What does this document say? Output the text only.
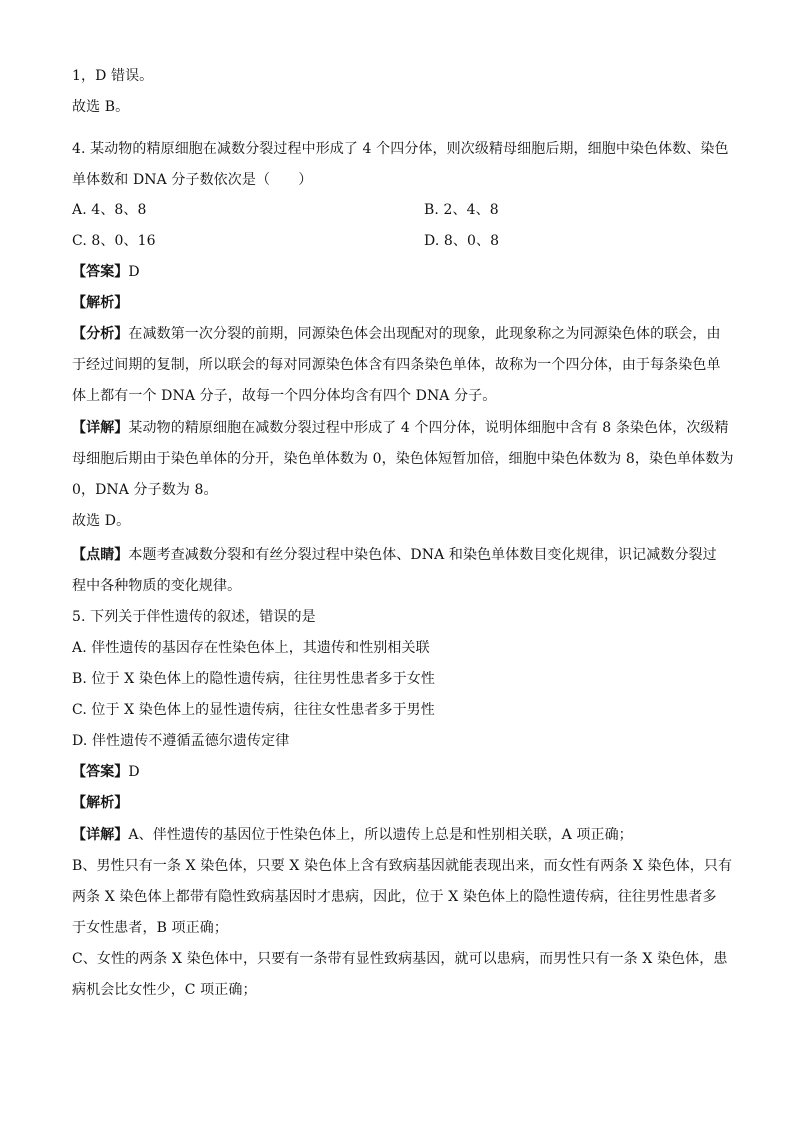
1，D 错误。
故选 B。
4. 某动物的精原细胞在减数分裂过程中形成了 4 个四分体，则次级精母细胞后期，细胞中染色体数、染色
单体数和 DNA 分子数依次是（　　）
A. 4、8、8	B. 2、4、8
C. 8、0、16	D. 8、0、8
【答案】D
【解析】
【分析】在减数第一次分裂的前期，同源染色体会出现配对的现象，此现象称之为同源染色体的联会，由
于经过间期的复制，所以联会的每对同源染色体含有四条染色单体，故称为一个四分体，由于每条染色单
体上都有一个 DNA 分子，故每一个四分体均含有四个 DNA 分子。
【详解】某动物的精原细胞在减数分裂过程中形成了 4 个四分体，说明体细胞中含有 8 条染色体，次级精
母细胞后期由于染色单体的分开，染色单体数为 0，染色体短暂加倍，细胞中染色体数为 8，染色单体数为
0，DNA 分子数为 8。
故选 D。
【点睛】本题考查减数分裂和有丝分裂过程中染色体、DNA 和染色单体数目变化规律，识记减数分裂过
程中各种物质的变化规律。
5. 下列关于伴性遗传的叙述，错误的是
A. 伴性遗传的基因存在性染色体上，其遗传和性别相关联
B. 位于 X 染色体上的隐性遗传病，往往男性患者多于女性
C. 位于 X 染色体上的显性遗传病，往往女性患者多于男性
D. 伴性遗传不遵循孟德尔遗传定律
【答案】D
【解析】
【详解】A、伴性遗传的基因位于性染色体上，所以遗传上总是和性别相关联，A 项正确；
B、男性只有一条 X 染色体，只要 X 染色体上含有致病基因就能表现出来，而女性有两条 X 染色体，只有
两条 X 染色体上都带有隐性致病基因时才患病，因此，位于 X 染色体上的隐性遗传病，往往男性患者多
于女性患者，B 项正确；
C、女性的两条 X 染色体中，只要有一条带有显性致病基因，就可以患病，而男性只有一条 X 染色体，患
病机会比女性少，C 项正确；
